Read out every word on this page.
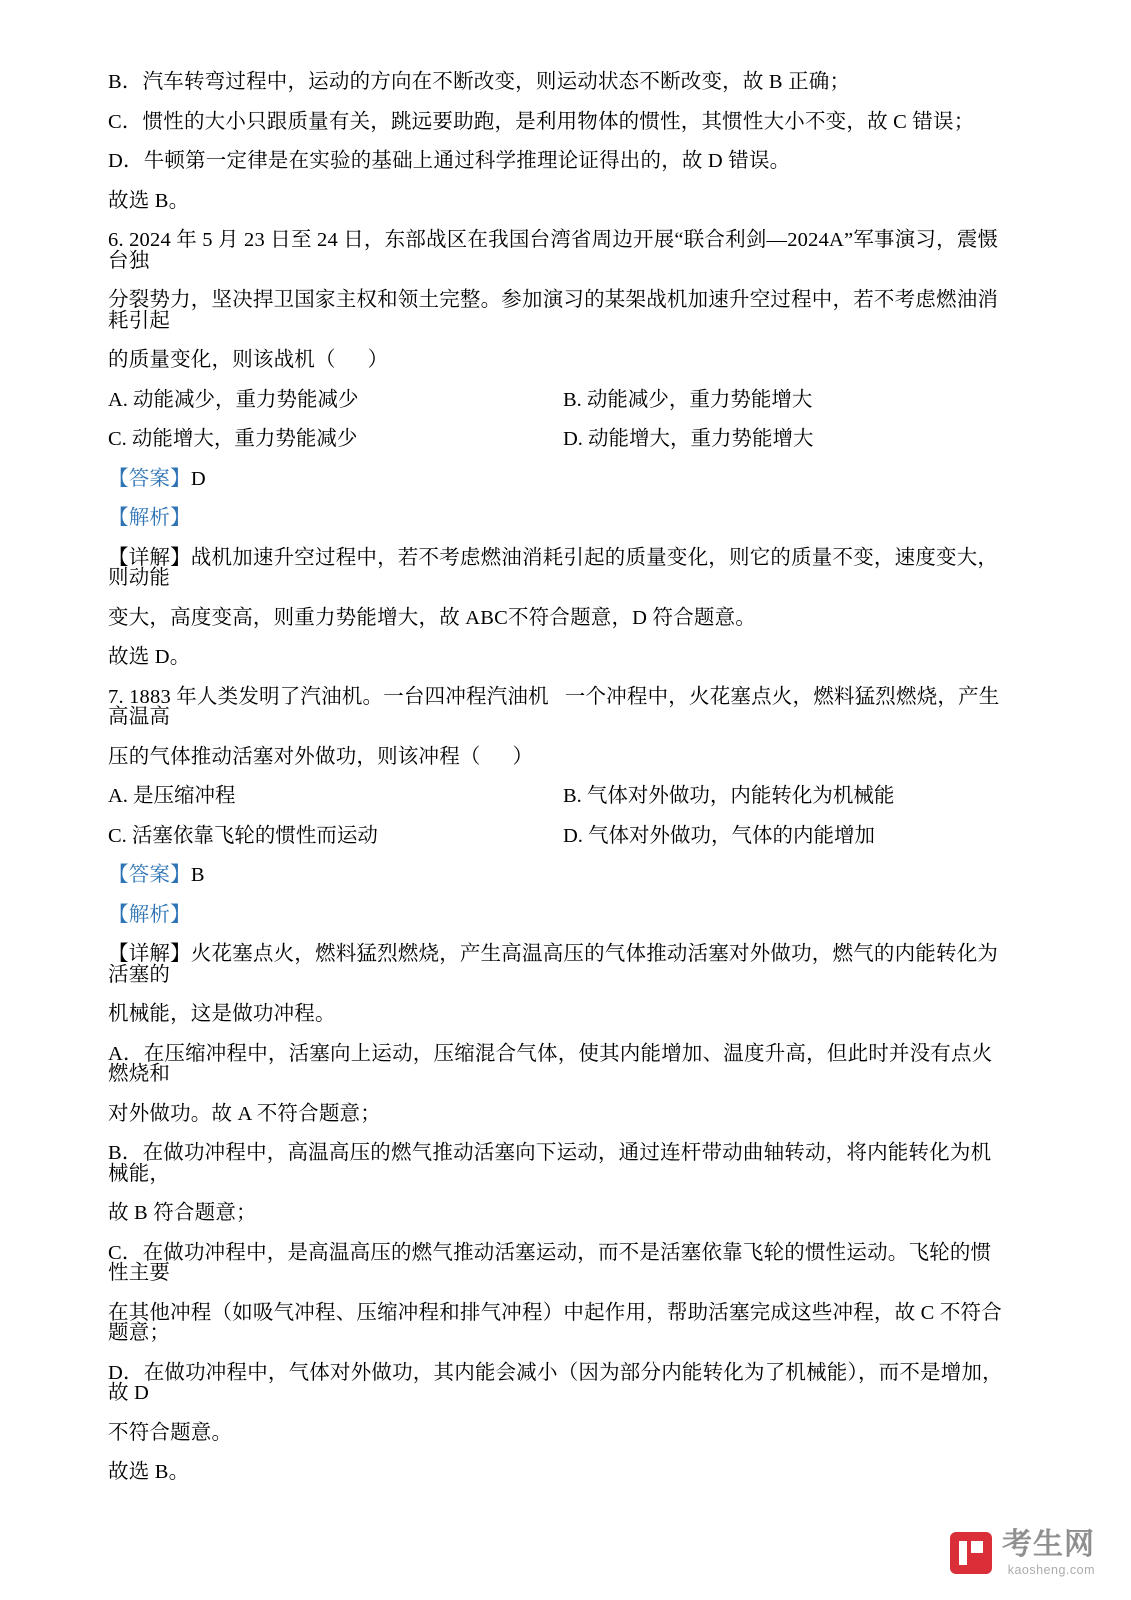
B．汽车转弯过程中，运动的方向在不断改变，则运动状态不断改变，故 B 正确；
C．惯性的大小只跟质量有关，跳远要助跑，是利用物体的惯性，其惯性大小不变，故 C 错误；
D．牛顿第一定律是在实验的基础上通过科学推理论证得出的，故 D 错误。
故选 B。
6. 2024 年 5 月 23 日至 24 日，东部战区在我国台湾省周边开展“联合利剑—2024A”军事演习，震慑台独
分裂势力，坚决捍卫国家主权和领土完整。参加演习的某架战机加速升空过程中，若不考虑燃油消耗引起
的质量变化，则该战机（      ）
A. 动能减少，重力势能减少	B. 动能减少，重力势能增大
C. 动能增大，重力势能减少	D. 动能增大，重力势能增大
【答案】D
【解析】
【详解】战机加速升空过程中，若不考虑燃油消耗引起的质量变化，则它的质量不变，速度变大，则动能
变大，高度变高，则重力势能增大，故 ABC不符合题意，D 符合题意。
故选 D。
7. 1883 年人类发明了汽油机。一台四冲程汽油机   一个冲程中，火花塞点火，燃料猛烈燃烧，产生高温高
压的气体推动活塞对外做功，则该冲程（      ）
A. 是压缩冲程	B. 气体对外做功，内能转化为机械能
C. 活塞依靠飞轮的惯性而运动	D. 气体对外做功，气体的内能增加
【答案】B
【解析】
【详解】火花塞点火，燃料猛烈燃烧，产生高温高压的气体推动活塞对外做功，燃气的内能转化为活塞的
机械能，这是做功冲程。
A．在压缩冲程中，活塞向上运动，压缩混合气体，使其内能增加、温度升高，但此时并没有点火燃烧和
对外做功。故 A 不符合题意；
B．在做功冲程中，高温高压的燃气推动活塞向下运动，通过连杆带动曲轴转动，将内能转化为机械能，
故 B 符合题意；
C．在做功冲程中，是高温高压的燃气推动活塞运动，而不是活塞依靠飞轮的惯性运动。飞轮的惯性主要
在其他冲程（如吸气冲程、压缩冲程和排气冲程）中起作用，帮助活塞完成这些冲程，故 C 不符合题意；
D．在做功冲程中，气体对外做功，其内能会减小（因为部分内能转化为了机械能），而不是增加，故 D
不符合题意。
故选 B。
考生网
kaosheng.com
